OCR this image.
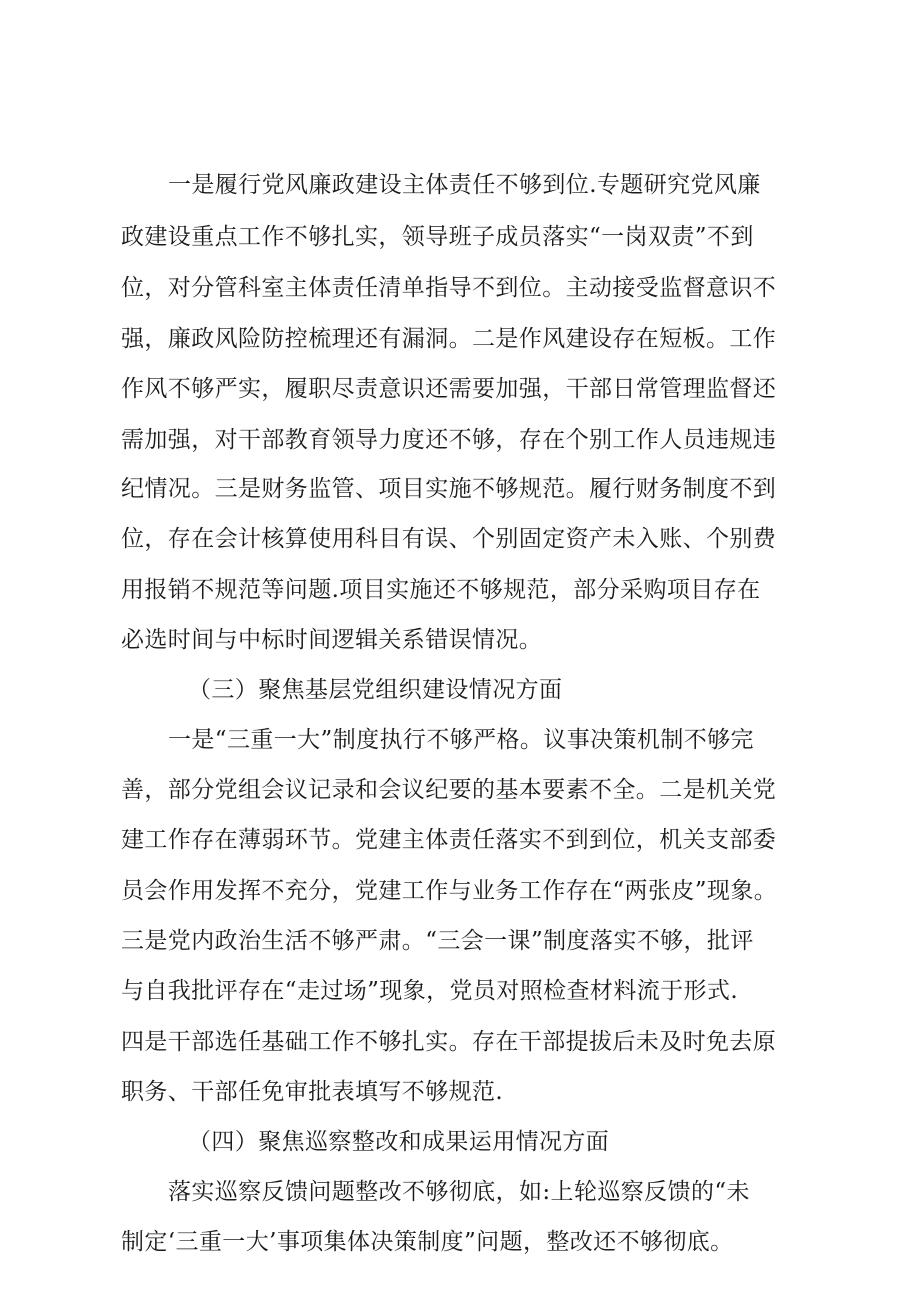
一是履行党风廉政建设主体责任不够到位.专题研究党风廉
政建设重点工作不够扎实，领导班子成员落实“一岗双责”不到
位，对分管科室主体责任清单指导不到位。主动接受监督意识不
强，廉政风险防控梳理还有漏洞。二是作风建设存在短板。工作
作风不够严实，履职尽责意识还需要加强，干部日常管理监督还
需加强，对干部教育领导力度还不够，存在个别工作人员违规违
纪情况。三是财务监管、项目实施不够规范。履行财务制度不到
位，存在会计核算使用科目有误、个别固定资产未入账、个别费
用报销不规范等问题.项目实施还不够规范，部分采购项目存在
必选时间与中标时间逻辑关系错误情况。
（三）聚焦基层党组织建设情况方面
一是“三重一大”制度执行不够严格。议事决策机制不够完
善，部分党组会议记录和会议纪要的基本要素不全。二是机关党
建工作存在薄弱环节。党建主体责任落实不到到位，机关支部委
员会作用发挥不充分，党建工作与业务工作存在“两张皮”现象。
三是党内政治生活不够严肃。“三会一课”制度落实不够，批评
与自我批评存在“走过场”现象，党员对照检查材料流于形式.
四是干部选任基础工作不够扎实。存在干部提拔后未及时免去原
职务、干部任免审批表填写不够规范.
（四）聚焦巡察整改和成果运用情况方面
落实巡察反馈问题整改不够彻底，如:上轮巡察反馈的“未
制定‘三重一大’事项集体决策制度”问题，整改还不够彻底。
